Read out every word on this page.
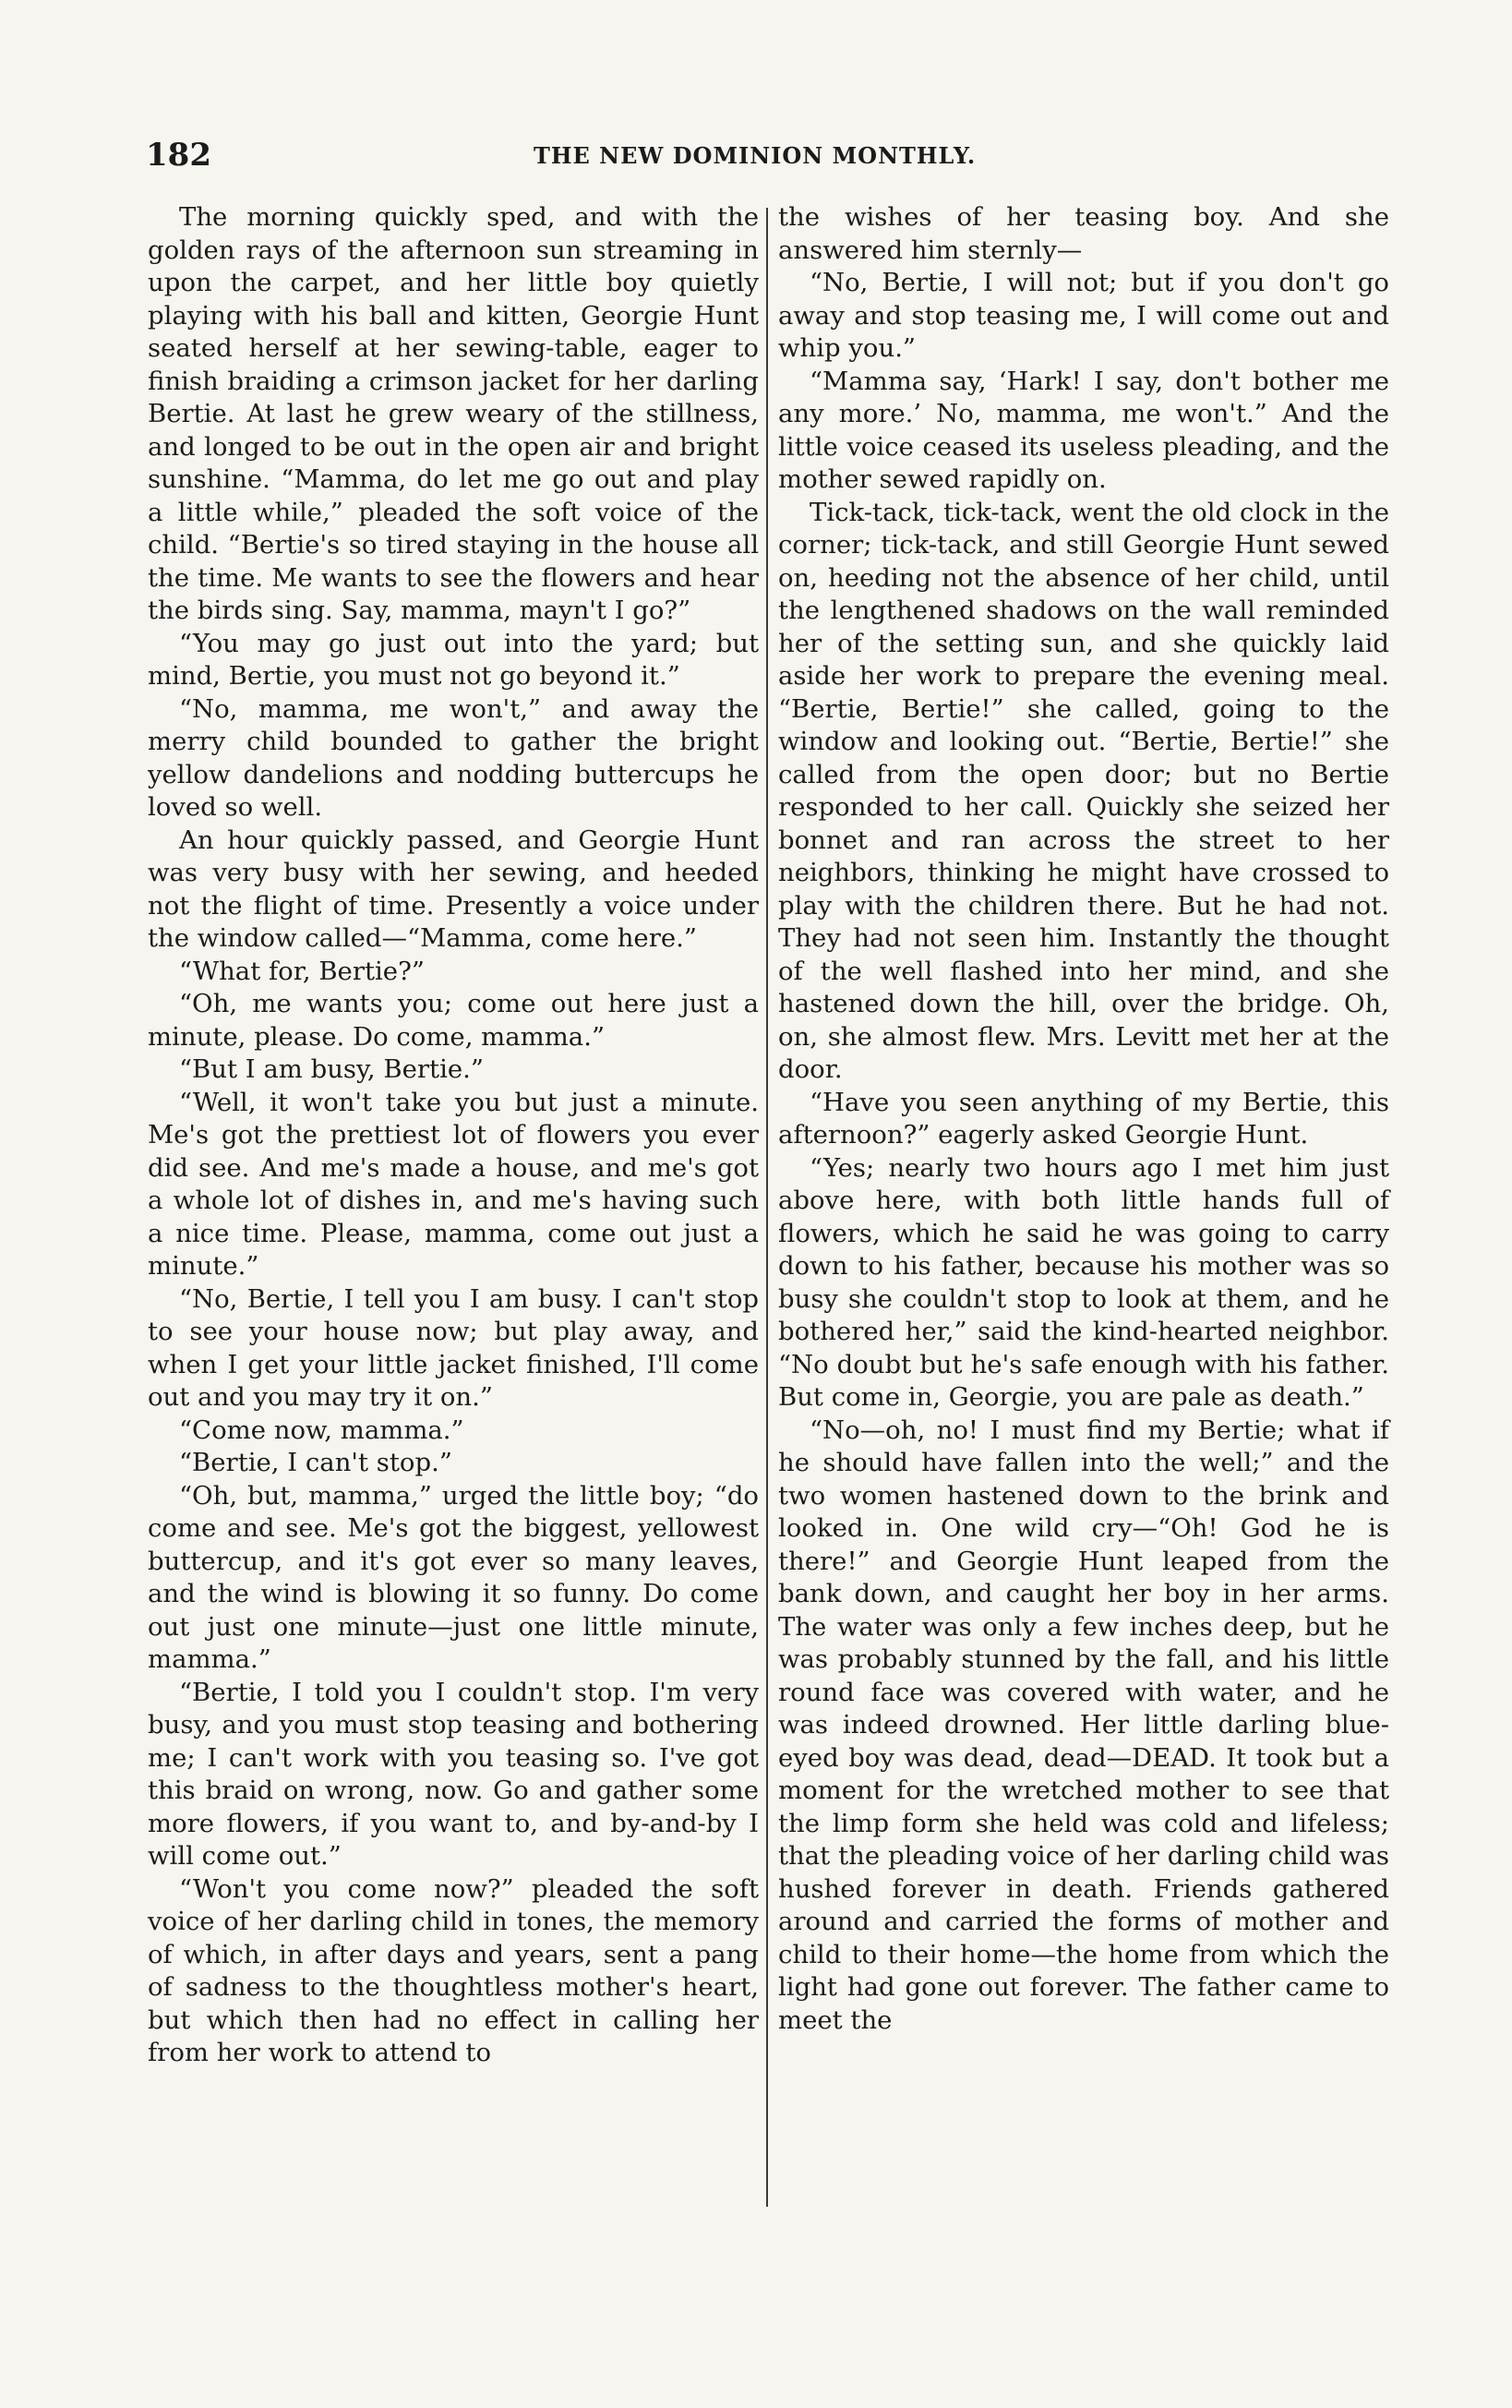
182	THE NEW DOMINION MONTHLY.

The morning quickly sped, and with the golden rays of the afternoon sun streaming in upon the carpet, and her little boy quietly playing with his ball and kitten, Georgie Hunt seated herself at her sewing-table, eager to finish braiding a crimson jacket for her darling Bertie. At last he grew weary of the stillness, and longed to be out in the open air and bright sunshine. “Mamma, do let me go out and play a little while,” pleaded the soft voice of the child. “Bertie's so tired staying in the house all the time. Me wants to see the flowers and hear the birds sing. Say, mamma, mayn't I go?”

“You may go just out into the yard; but mind, Bertie, you must not go beyond it.”

“No, mamma, me won't,” and away the merry child bounded to gather the bright yellow dandelions and nodding buttercups he loved so well.

An hour quickly passed, and Georgie Hunt was very busy with her sewing, and heeded not the flight of time. Presently a voice under the window called—“Mamma, come here.”

“What for, Bertie?”

“Oh, me wants you; come out here just a minute, please. Do come, mamma.”

“But I am busy, Bertie.”

“Well, it won't take you but just a minute. Me's got the prettiest lot of flowers you ever did see. And me's made a house, and me's got a whole lot of dishes in, and me's having such a nice time. Please, mamma, come out just a minute.”

“No, Bertie, I tell you I am busy. I can't stop to see your house now; but play away, and when I get your little jacket finished, I'll come out and you may try it on.”

“Come now, mamma.”

“Bertie, I can't stop.”

“Oh, but, mamma,” urged the little boy; “do come and see. Me's got the biggest, yellowest buttercup, and it's got ever so many leaves, and the wind is blowing it so funny. Do come out just one minute—just one little minute, mamma.”

“Bertie, I told you I couldn't stop. I'm very busy, and you must stop teasing and bothering me; I can't work with you teasing so. I've got this braid on wrong, now. Go and gather some more flowers, if you want to, and by-and-by I will come out.”

“Won't you come now?” pleaded the soft voice of her darling child in tones, the memory of which, in after days and years, sent a pang of sadness to the thoughtless mother's heart, but which then had no effect in calling her from her work to attend to

the wishes of her teasing boy. And she answered him sternly—

“No, Bertie, I will not; but if you don't go away and stop teasing me, I will come out and whip you.”

“Mamma say, ‘Hark! I say, don't bother me any more.’ No, mamma, me won't.” And the little voice ceased its useless pleading, and the mother sewed rapidly on.

Tick-tack, tick-tack, went the old clock in the corner; tick-tack, and still Georgie Hunt sewed on, heeding not the absence of her child, until the lengthened shadows on the wall reminded her of the setting sun, and she quickly laid aside her work to prepare the evening meal. “Bertie, Bertie!” she called, going to the window and looking out. “Bertie, Bertie!” she called from the open door; but no Bertie responded to her call. Quickly she seized her bonnet and ran across the street to her neighbors, thinking he might have crossed to play with the children there. But he had not. They had not seen him. Instantly the thought of the well flashed into her mind, and she hastened down the hill, over the bridge. Oh, on, she almost flew. Mrs. Levitt met her at the door.

“Have you seen anything of my Bertie, this afternoon?” eagerly asked Georgie Hunt.

“Yes; nearly two hours ago I met him just above here, with both little hands full of flowers, which he said he was going to carry down to his father, because his mother was so busy she couldn't stop to look at them, and he bothered her,” said the kind-hearted neighbor. “No doubt but he's safe enough with his father. But come in, Georgie, you are pale as death.”

“No—oh, no! I must find my Bertie; what if he should have fallen into the well;” and the two women hastened down to the brink and looked in. One wild cry—“Oh! God he is there!” and Georgie Hunt leaped from the bank down, and caught her boy in her arms. The water was only a few inches deep, but he was probably stunned by the fall, and his little round face was covered with water, and he was indeed drowned. Her little darling blue-eyed boy was dead, dead—DEAD. It took but a moment for the wretched mother to see that the limp form she held was cold and lifeless; that the pleading voice of her darling child was hushed forever in death. Friends gathered around and carried the forms of mother and child to their home—the home from which the light had gone out forever. The father came to meet the
